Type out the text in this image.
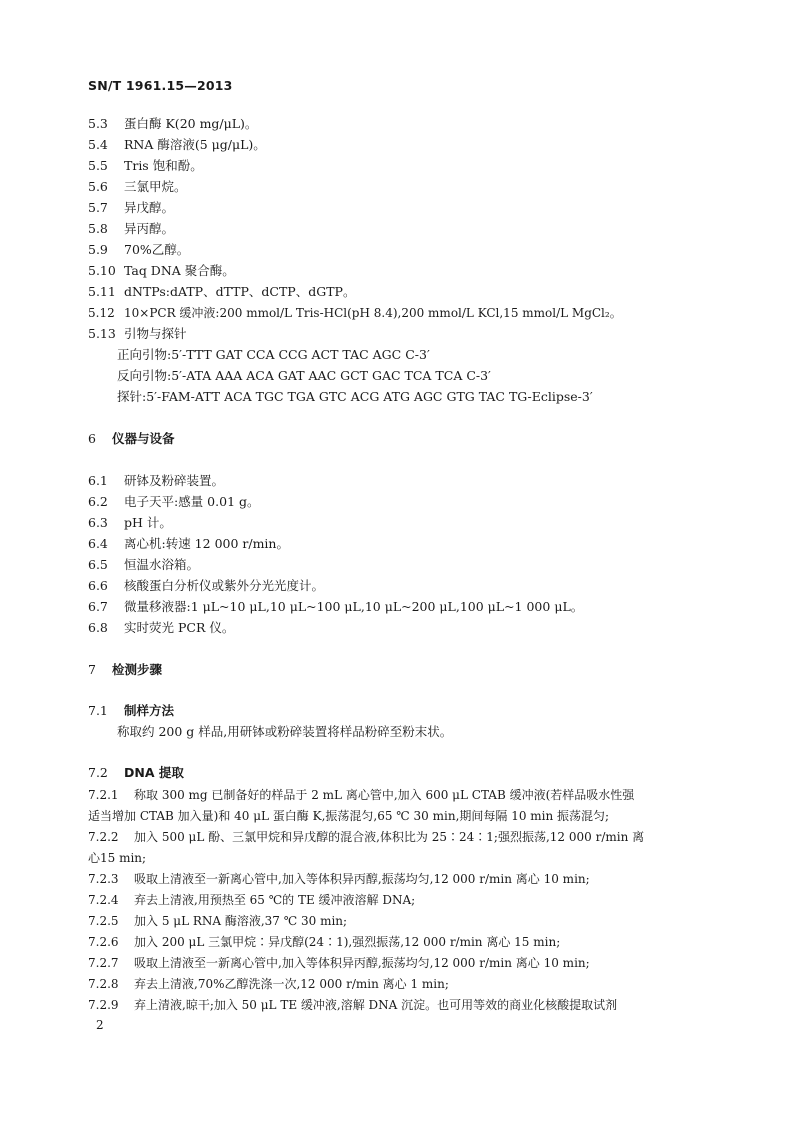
SN/T 1961.15—2013
5.3 蛋白酶 K(20 mg/μL)。
5.4 RNA 酶溶液(5 μg/μL)。
5.5 Tris 饱和酚。
5.6 三氯甲烷。
5.7 异戊醇。
5.8 异丙醇。
5.9 70%乙醇。
5.10 Taq DNA 聚合酶。
5.11 dNTPs:dATP、dTTP、dCTP、dGTP。
5.12 10×PCR 缓冲液:200 mmol/L Tris-HCl(pH 8.4),200 mmol/L KCl,15 mmol/L MgCl₂。
5.13 引物与探针
正向引物:5′-TTT GAT CCA CCG ACT TAC AGC C-3′
反向引物:5′-ATA AAA ACA GAT AAC GCT GAC TCA TCA C-3′
探针:5′-FAM-ATT ACA TGC TGA GTC ACG ATG AGC GTG TAC TG-Eclipse-3′
6 仪器与设备
6.1 研钵及粉碎装置。
6.2 电子天平:感量 0.01 g。
6.3 pH 计。
6.4 离心机:转速 12 000 r/min。
6.5 恒温水浴箱。
6.6 核酸蛋白分析仪或紫外分光光度计。
6.7 微量移液器:1 μL~10 μL,10 μL~100 μL,10 μL~200 μL,100 μL~1 000 μL。
6.8 实时荧光 PCR 仪。
7 检测步骤
7.1 制样方法
称取约 200 g 样品,用研钵或粉碎装置将样品粉碎至粉末状。
7.2 DNA 提取
7.2.1 称取 300 mg 已制备好的样品于 2 mL 离心管中,加入 600 μL CTAB 缓冲液(若样品吸水性强
适当增加 CTAB 加入量)和 40 μL 蛋白酶 K,振荡混匀,65 ℃ 30 min,期间每隔 10 min 振荡混匀;
7.2.2 加入 500 μL 酚、三氯甲烷和异戊醇的混合液,体积比为 25∶24∶1;强烈振荡,12 000 r/min 离
心15 min;
7.2.3 吸取上清液至一新离心管中,加入等体积异丙醇,振荡均匀,12 000 r/min 离心 10 min;
7.2.4 弃去上清液,用预热至 65 ℃的 TE 缓冲液溶解 DNA;
7.2.5 加入 5 μL RNA 酶溶液,37 ℃ 30 min;
7.2.6 加入 200 μL 三氯甲烷∶异戊醇(24∶1),强烈振荡,12 000 r/min 离心 15 min;
7.2.7 吸取上清液至一新离心管中,加入等体积异丙醇,振荡均匀,12 000 r/min 离心 10 min;
7.2.8 弃去上清液,70%乙醇洗涤一次,12 000 r/min 离心 1 min;
7.2.9 弃上清液,晾干;加入 50 μL TE 缓冲液,溶解 DNA 沉淀。也可用等效的商业化核酸提取试剂
2
